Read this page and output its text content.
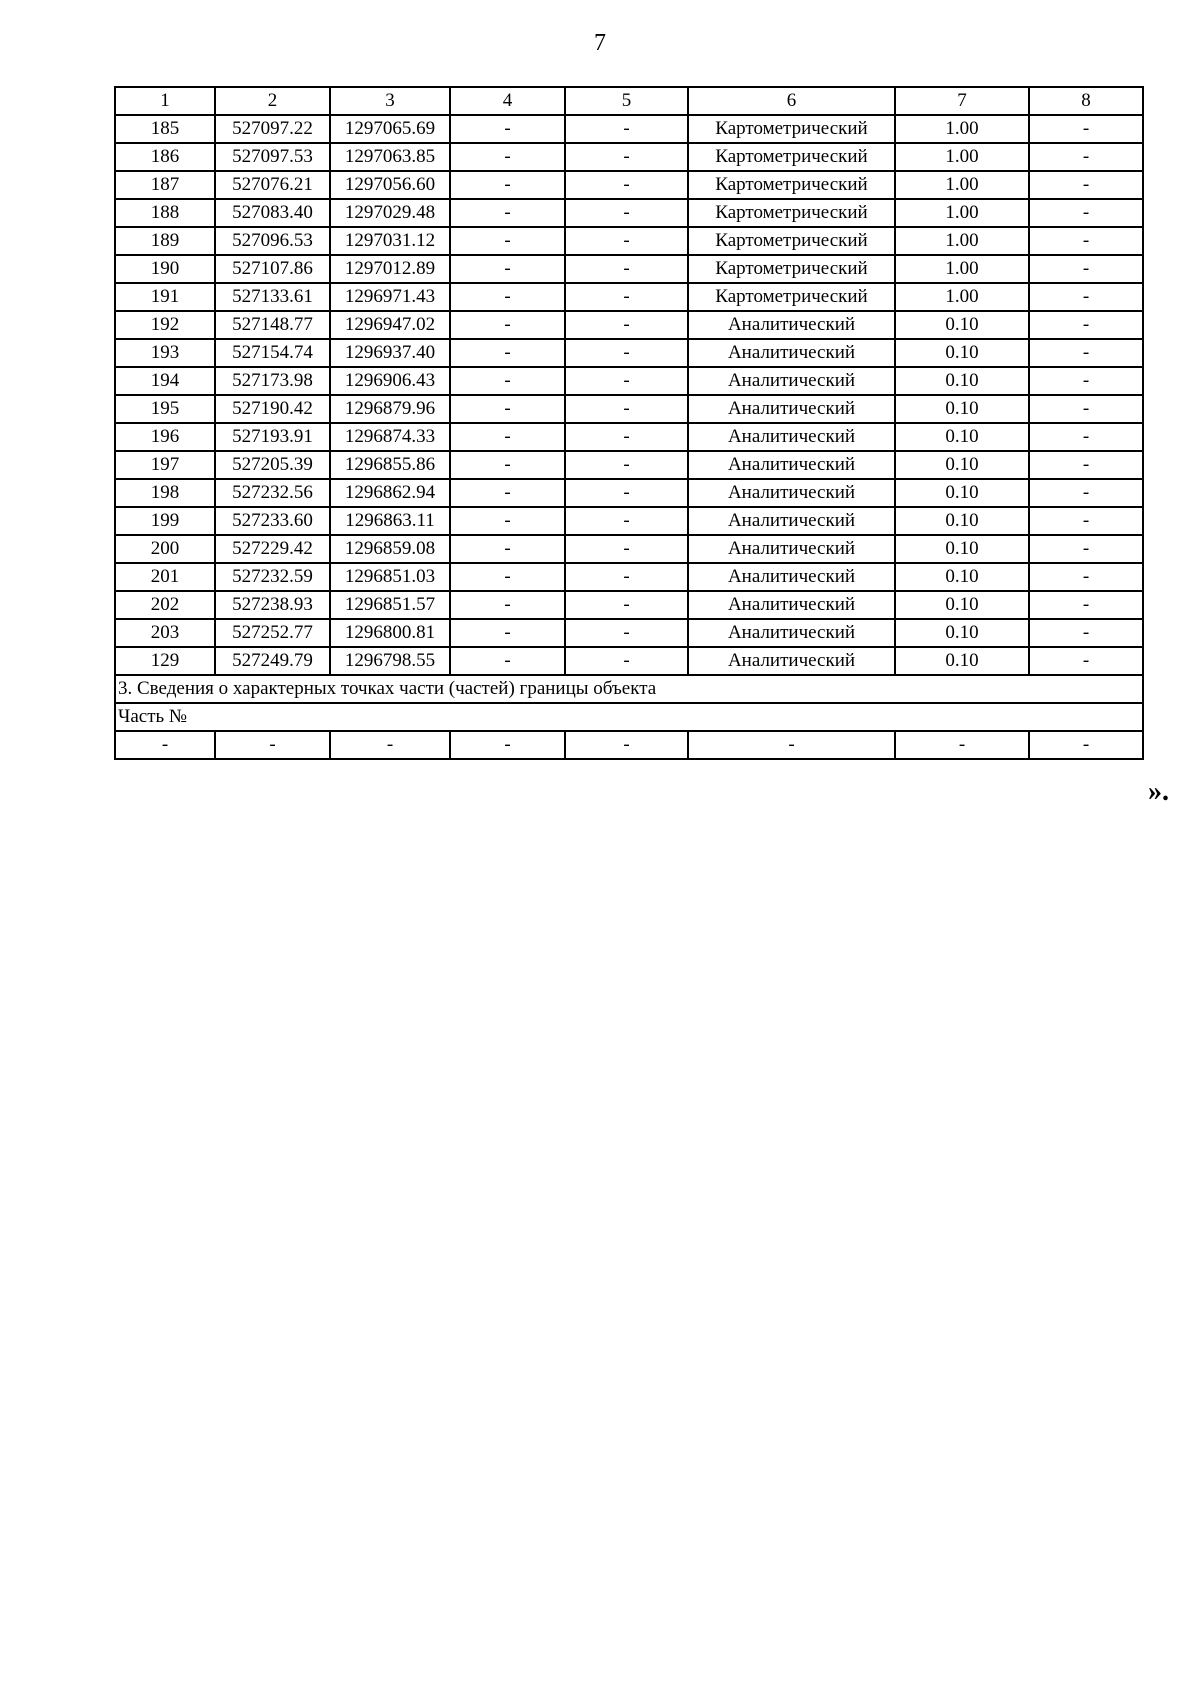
7
1	2	3	4	5	6	7	8
185	527097.22	1297065.69	-	-	Картометрический	1.00	-
186	527097.53	1297063.85	-	-	Картометрический	1.00	-
187	527076.21	1297056.60	-	-	Картометрический	1.00	-
188	527083.40	1297029.48	-	-	Картометрический	1.00	-
189	527096.53	1297031.12	-	-	Картометрический	1.00	-
190	527107.86	1297012.89	-	-	Картометрический	1.00	-
191	527133.61	1296971.43	-	-	Картометрический	1.00	-
192	527148.77	1296947.02	-	-	Аналитический	0.10	-
193	527154.74	1296937.40	-	-	Аналитический	0.10	-
194	527173.98	1296906.43	-	-	Аналитический	0.10	-
195	527190.42	1296879.96	-	-	Аналитический	0.10	-
196	527193.91	1296874.33	-	-	Аналитический	0.10	-
197	527205.39	1296855.86	-	-	Аналитический	0.10	-
198	527232.56	1296862.94	-	-	Аналитический	0.10	-
199	527233.60	1296863.11	-	-	Аналитический	0.10	-
200	527229.42	1296859.08	-	-	Аналитический	0.10	-
201	527232.59	1296851.03	-	-	Аналитический	0.10	-
202	527238.93	1296851.57	-	-	Аналитический	0.10	-
203	527252.77	1296800.81	-	-	Аналитический	0.10	-
129	527249.79	1296798.55	-	-	Аналитический	0.10	-
3. Сведения о характерных точках части (частей) границы объекта							
Часть №							
-	-	-	-	-	-	-	-
».
